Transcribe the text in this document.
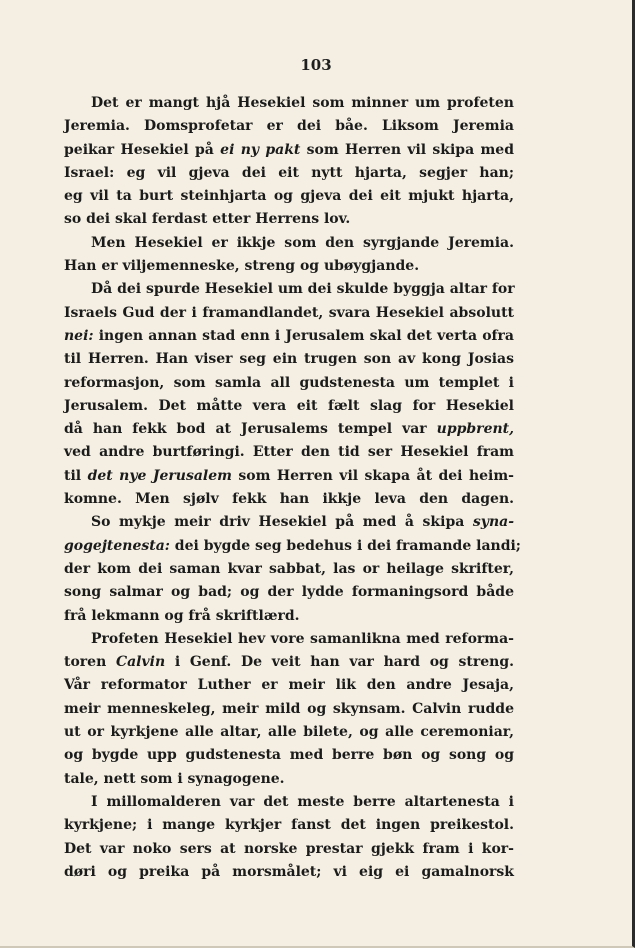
103
Det er mangt hjå Hesekiel som minner um profeten
Jeremia. Domsprofetar er dei båe. Liksom Jeremia
peikar Hesekiel på ei ny pakt som Herren vil skipa med
Israel: eg vil gjeva dei eit nytt hjarta, segjer han;
eg vil ta burt steinhjarta og gjeva dei eit mjukt hjarta,
so dei skal ferdast etter Herrens lov.
Men Hesekiel er ikkje som den syrgjande Jeremia.
Han er viljemenneske, streng og ubøygjande.
Då dei spurde Hesekiel um dei skulde byggja altar for
Israels Gud der i framandlandet, svara Hesekiel absolutt
nei: ingen annan stad enn i Jerusalem skal det verta ofra
til Herren. Han viser seg ein trugen son av kong Josias
reformasjon, som samla all gudstenesta um templet i
Jerusalem. Det måtte vera eit fælt slag for Hesekiel
då han fekk bod at Jerusalems tempel var uppbrent,
ved andre burtføringi. Etter den tid ser Hesekiel fram
til det nye Jerusalem som Herren vil skapa åt dei heim-
komne. Men sjølv fekk han ikkje leva den dagen.
So mykje meir driv Hesekiel på med å skipa syna-
gogejtenesta: dei bygde seg bedehus i dei framande landi;
der kom dei saman kvar sabbat, las or heilage skrifter,
song salmar og bad; og der lydde formaningsord både
frå lekmann og frå skriftlærd.
Profeten Hesekiel hev vore samanlikna med reforma-
toren Calvin i Genf. De veit han var hard og streng.
Vår reformator Luther er meir lik den andre Jesaja,
meir menneskeleg, meir mild og skynsam. Calvin rudde
ut or kyrkjene alle altar, alle bilete, og alle ceremoniar,
og bygde upp gudstenesta med berre bøn og song og
tale, nett som i synagogene.
I millomalderen var det meste berre altartenesta i
kyrkjene; i mange kyrkjer fanst det ingen preikestol.
Det var noko sers at norske prestar gjekk fram i kor-
døri og preika på morsmålet; vi eig ei gamalnorsk
